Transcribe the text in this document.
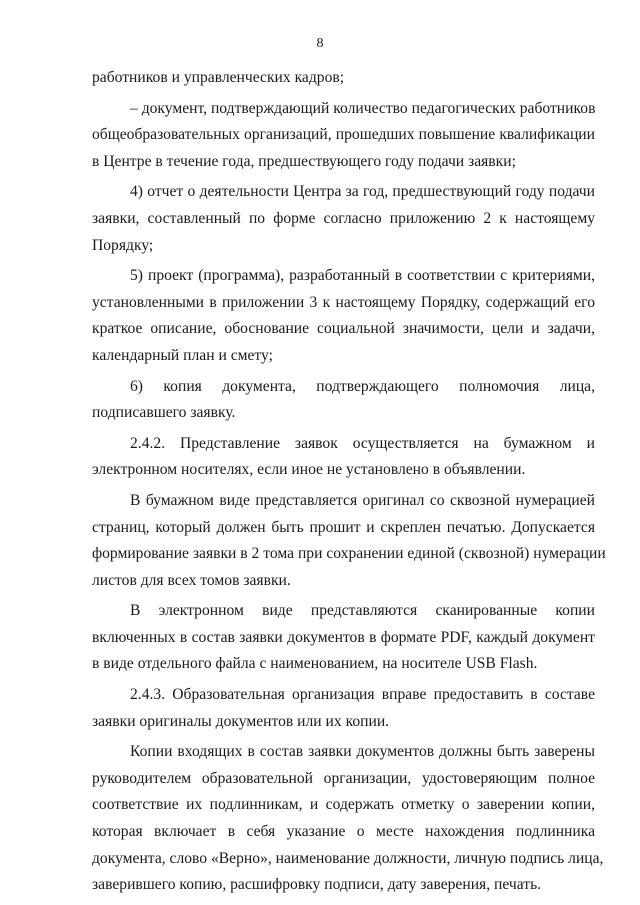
8
работников и управленческих кадров;
– документ, подтверждающий количество педагогических работников
общеобразовательных организаций, прошедших повышение квалификации
в Центре в течение года, предшествующего году подачи заявки;
4) отчет о деятельности Центра за год, предшествующий году подачи
заявки, составленный по форме согласно приложению 2 к настоящему
Порядку;
5) проект (программа), разработанный в соответствии с критериями,
установленными в приложении 3 к настоящему Порядку, содержащий его
краткое описание, обоснование социальной значимости, цели и задачи,
календарный план и смету;
6) копия документа, подтверждающего полномочия лица,
подписавшего заявку.
2.4.2. Представление заявок осуществляется на бумажном и
электронном носителях, если иное не установлено в объявлении.
В бумажном виде представляется оригинал со сквозной нумерацией
страниц, который должен быть прошит и скреплен печатью. Допускается
формирование заявки в 2 тома при сохранении единой (сквозной) нумерации
листов для всех томов заявки.
В электронном виде представляются сканированные копии
включенных в состав заявки документов в формате PDF, каждый документ
в виде отдельного файла с наименованием, на носителе USB Flash.
2.4.3. Образовательная организация вправе предоставить в составе
заявки оригиналы документов или их копии.
Копии входящих в состав заявки документов должны быть заверены
руководителем образовательной организации, удостоверяющим полное
соответствие их подлинникам, и содержать отметку о заверении копии,
которая включает в себя указание о месте нахождения подлинника
документа, слово «Верно», наименование должности, личную подпись лица,
заверившего копию, расшифровку подписи, дату заверения, печать.
